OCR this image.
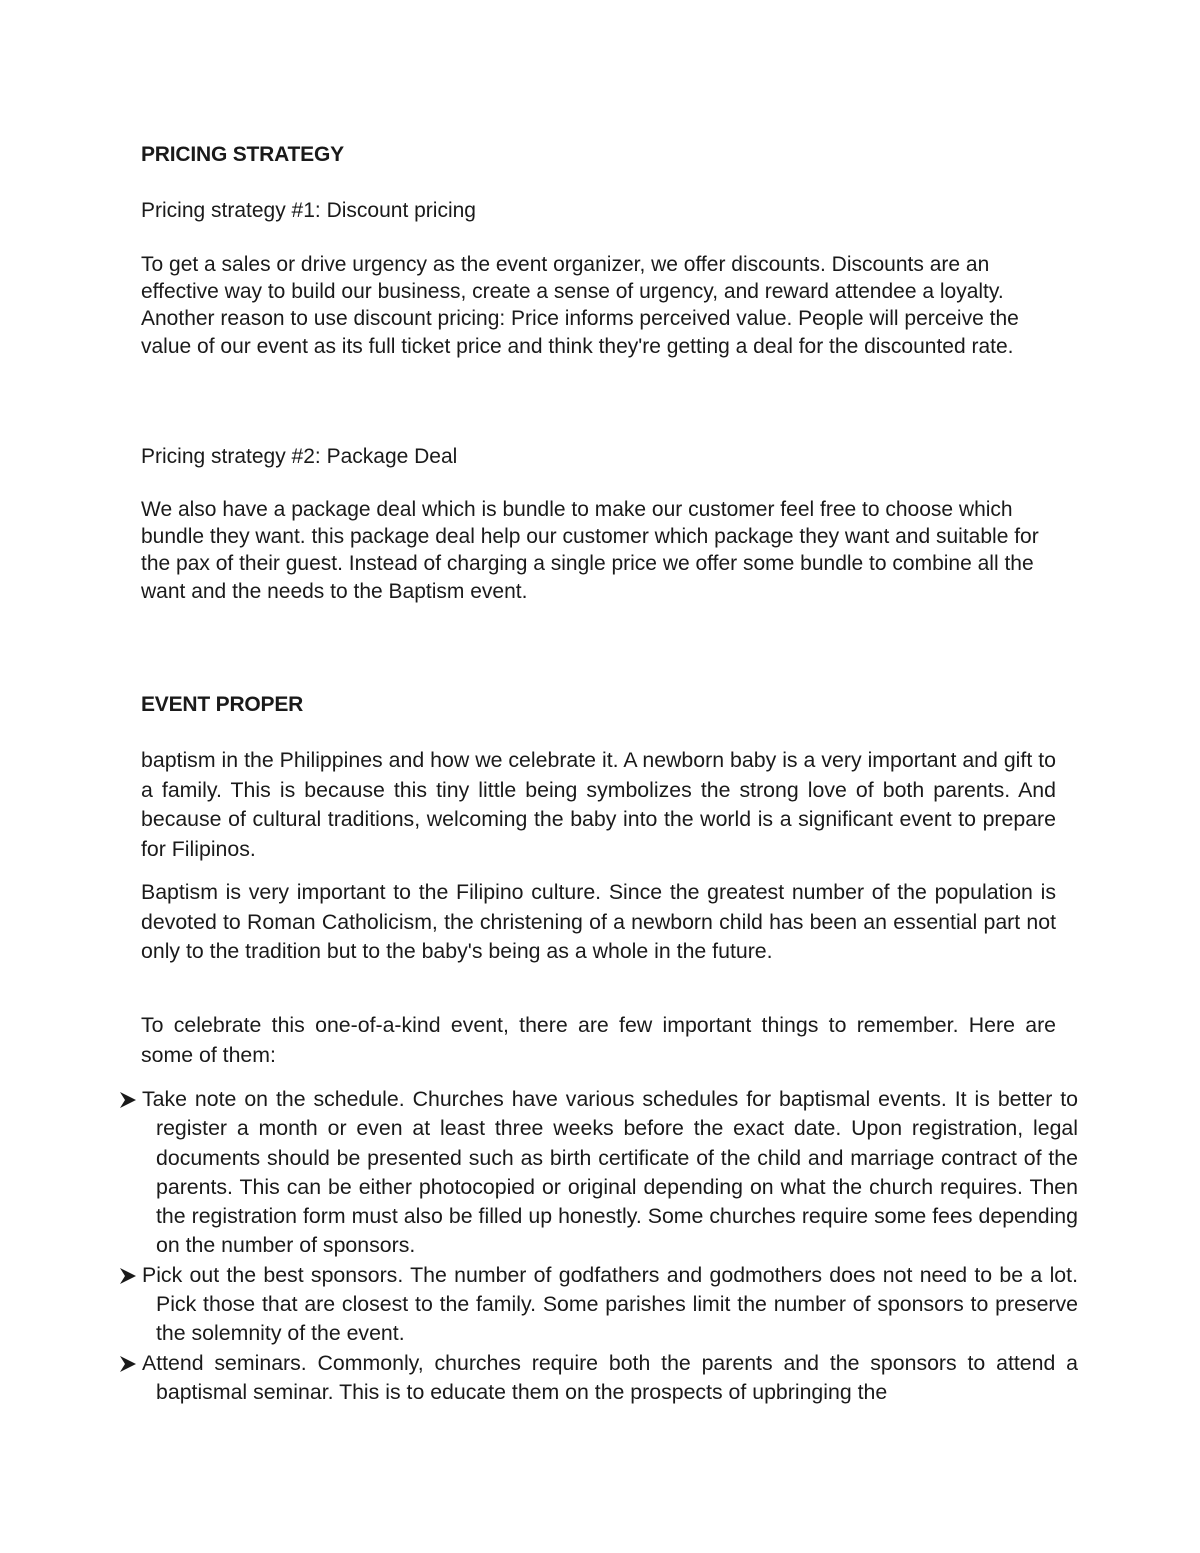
PRICING STRATEGY

Pricing strategy #1: Discount pricing

To get a sales or drive urgency as the event organizer, we offer discounts. Discounts are an effective way to build our business, create a sense of urgency, and reward attendee a loyalty. Another reason to use discount pricing: Price informs perceived value. People will perceive the value of our event as its full ticket price and think they're getting a deal for the discounted rate.

Pricing strategy #2: Package Deal

We also have a package deal which is bundle to make our customer feel free to choose which bundle they want. this package deal help our customer which package they want and suitable for the pax of their guest. Instead of charging a single price we offer some bundle to combine all the want and the needs to the Baptism event.

EVENT PROPER

baptism in the Philippines and how we celebrate it. A newborn baby is a very important and gift to a family. This is because this tiny little being symbolizes the strong love of both parents. And because of cultural traditions, welcoming the baby into the world is a significant event to prepare for Filipinos.

Baptism is very important to the Filipino culture. Since the greatest number of the population is devoted to Roman Catholicism, the christening of a newborn child has been an essential part not only to the tradition but to the baby's being as a whole in the future.

To celebrate this one-of-a-kind event, there are few important things to remember. Here are some of them:

Take note on the schedule. Churches have various schedules for baptismal events. It is better to register a month or even at least three weeks before the exact date. Upon registration, legal documents should be presented such as birth certificate of the child and marriage contract of the parents. This can be either photocopied or original depending on what the church requires. Then the registration form must also be filled up honestly. Some churches require some fees depending on the number of sponsors.
Pick out the best sponsors. The number of godfathers and godmothers does not need to be a lot. Pick those that are closest to the family. Some parishes limit the number of sponsors to preserve the solemnity of the event.
Attend seminars. Commonly, churches require both the parents and the sponsors to attend a baptismal seminar. This is to educate them on the prospects of upbringing the
